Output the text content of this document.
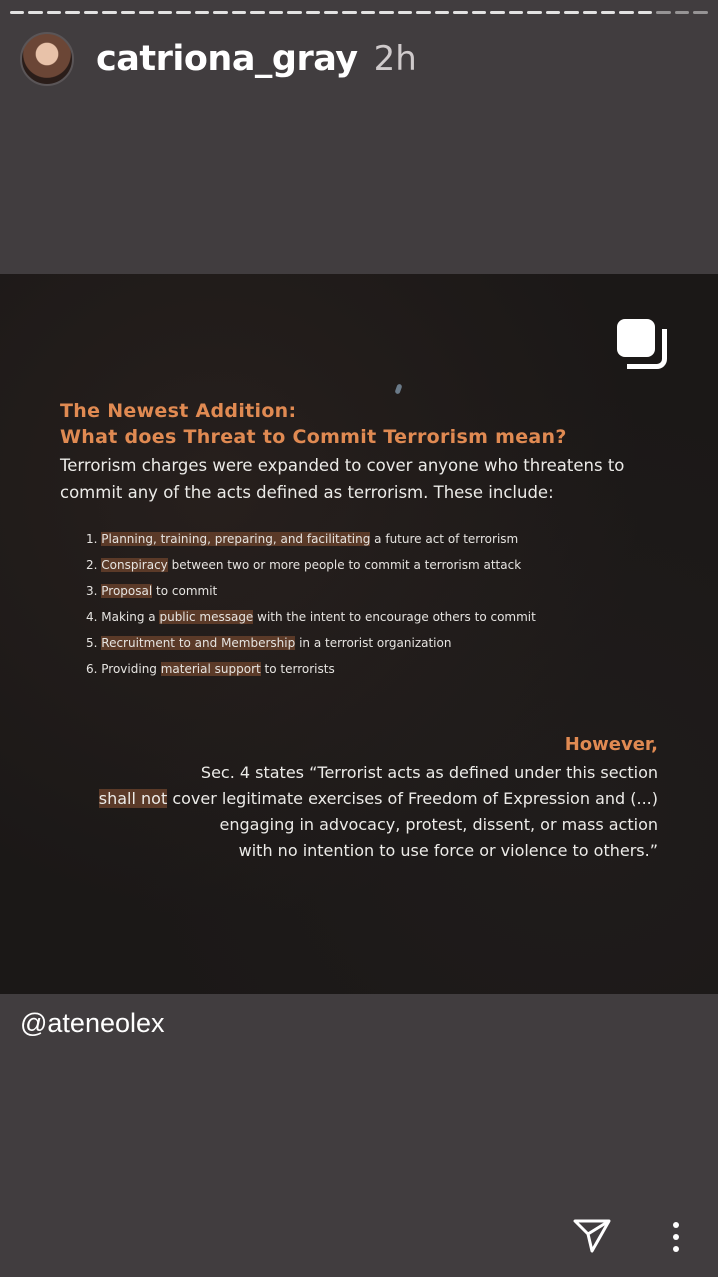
catriona_gray 2h
The Newest Addition:
What does Threat to Commit Terrorism mean?
Terrorism charges were expanded to cover anyone who threatens to
commit any of the acts defined as terrorism. These include:
1. Planning, training, preparing, and facilitating a future act of terrorism
2. Conspiracy between two or more people to commit a terrorism attack
3. Proposal to commit
4. Making a public message with the intent to encourage others to commit
5. Recruitment to and Membership in a terrorist organization
6. Providing material support to terrorists
However,
Sec. 4 states “Terrorist acts as defined under this section
shall not cover legitimate exercises of Freedom of Expression and (...)
engaging in advocacy, protest, dissent, or mass action
with no intention to use force or violence to others.”
@ateneolex
